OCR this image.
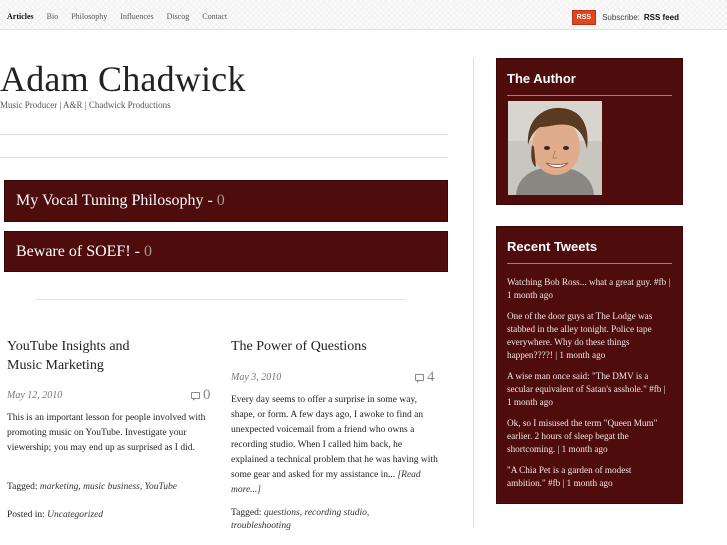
Articles Bio Philosophy Influences Discog Contact	RSS	Subscribe: RSS feed
Adam Chadwick
Music Producer | A&R | Chadwick Productions
My Vocal Tuning Philosophy - 0
Beware of SOEF! - 0
YouTube Insights and
Music Marketing
May 12, 2010	0
This is an important lesson for people involved with promoting music on YouTube. Investigate your viewership; you may end up as surprised as I did.
Tagged: marketing, music business, YouTube
Posted in: Uncategorized
The Power of Questions
May 3, 2010	4
Every day seems to offer a surprise in some way, shape, or form. A few days ago, I awoke to find an unexpected voicemail from a friend who owns a recording studio. When I called him back, he explained a technical problem that he was having with some gear and asked for my assistance in... [Read more...]
Tagged: questions, recording studio,
troubleshooting
The Author
Recent Tweets
Watching Bob Ross... what a great guy. #fb | 1 month ago
One of the door guys at The Lodge was stabbed in the alley tonight. Police tape everywhere. Why do these things happen????! | 1 month ago
A wise man once said: "The DMV is a secular equivalent of Satan's asshole." #fb | 1 month ago
Ok, so I misused the term "Queen Mum" earlier. 2 hours of sleep begat the shortcoming. | 1 month ago
"A Chia Pet is a garden of modest ambition." #fb | 1 month ago
